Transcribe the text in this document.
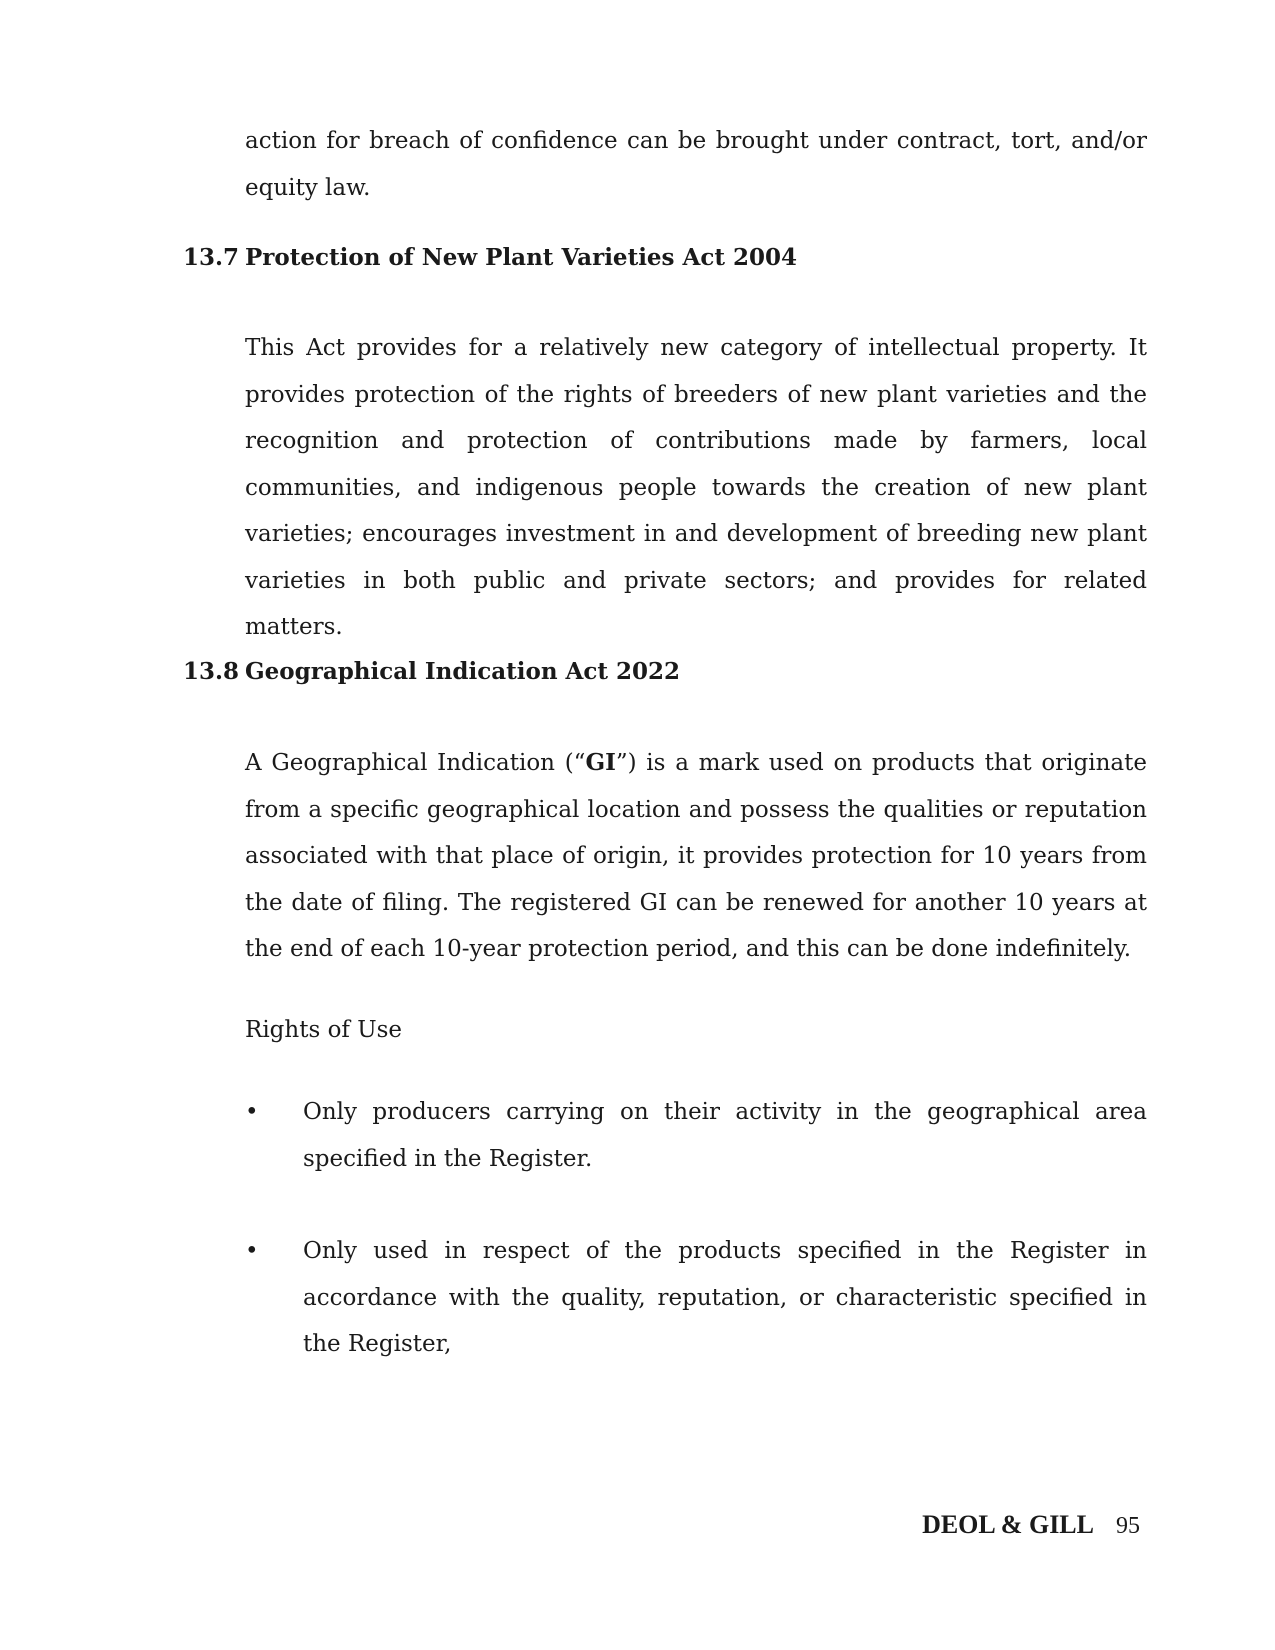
action for breach of confidence can be brought under contract, tort, and/or equity law.

13.7 Protection of New Plant Varieties Act 2004

This Act provides for a relatively new category of intellectual property. It provides protection of the rights of breeders of new plant varieties and the recognition and protection of contributions made by farmers, local communities, and indigenous people towards the creation of new plant varieties; encourages investment in and development of breeding new plant varieties in both public and private sectors; and provides for related matters.

13.8 Geographical Indication Act 2022

A Geographical Indication (“GI”) is a mark used on products that originate from a specific geographical location and possess the qualities or reputation associated with that place of origin, it provides protection for 10 years from the date of filing. The registered GI can be renewed for another 10 years at the end of each 10-year protection period, and this can be done indefinitely.

Rights of Use

• Only producers carrying on their activity in the geographical area specified in the Register.

• Only used in respect of the products specified in the Register in accordance with the quality, reputation, or characteristic specified in the Register,

DEOL & GILL 95
